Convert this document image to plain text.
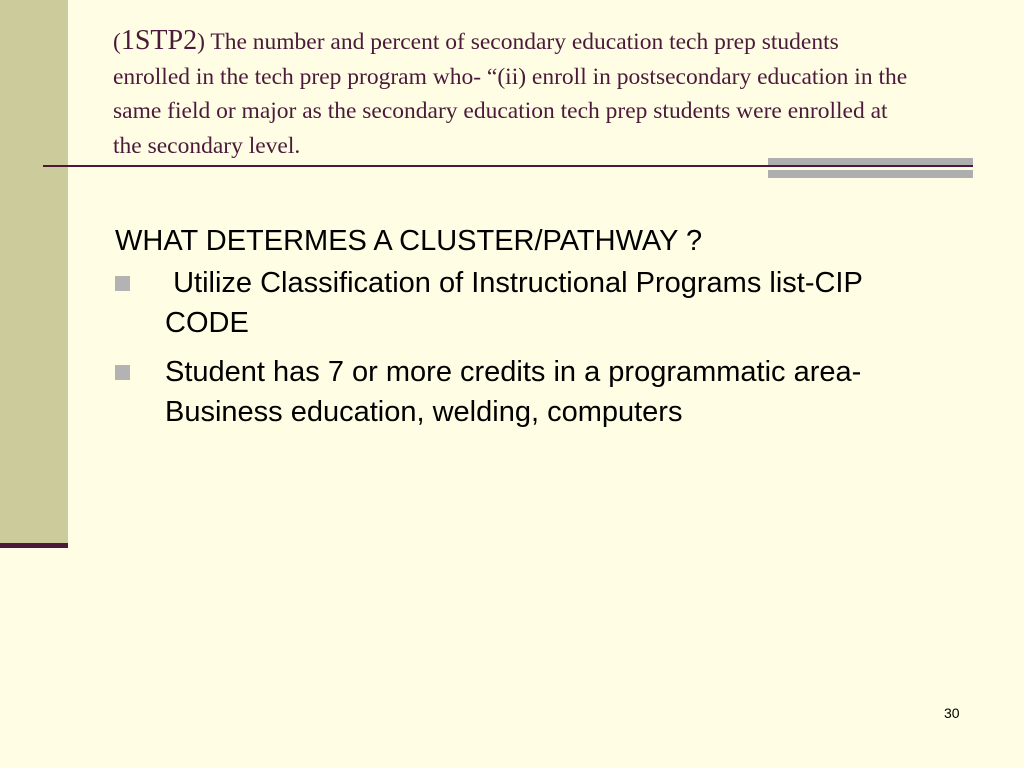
(1STP2) The number and percent of secondary education tech prep students enrolled in the tech prep program who- “(ii) enroll in postsecondary education in the same field or major as the secondary education tech prep students were enrolled at the secondary level.

WHAT DETERMES A CLUSTER/PATHWAY ?

Utilize Classification of Instructional Programs list-CIP CODE
Student has 7 or more credits in a programmatic area-Business education, welding, computers
30
